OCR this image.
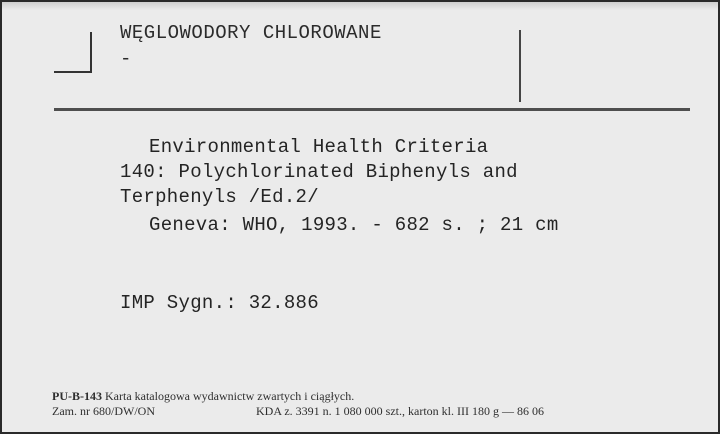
WĘGLOWODORY CHLOROWANE
-
Environmental Health Criteria
140: Polychlorinated Biphenyls and
Terphenyls /Ed.2/
Geneva: WHO, 1993. - 682 s. ; 21 cm
IMP Sygn.: 32.886
PU-B-143 Karta katalogowa wydawnictw zwartych i ciągłych.
Zam. nr 680/DW/ON	KDA z. 3391 n. 1 080 000 szt., karton kl. III 180 g — 86 06
